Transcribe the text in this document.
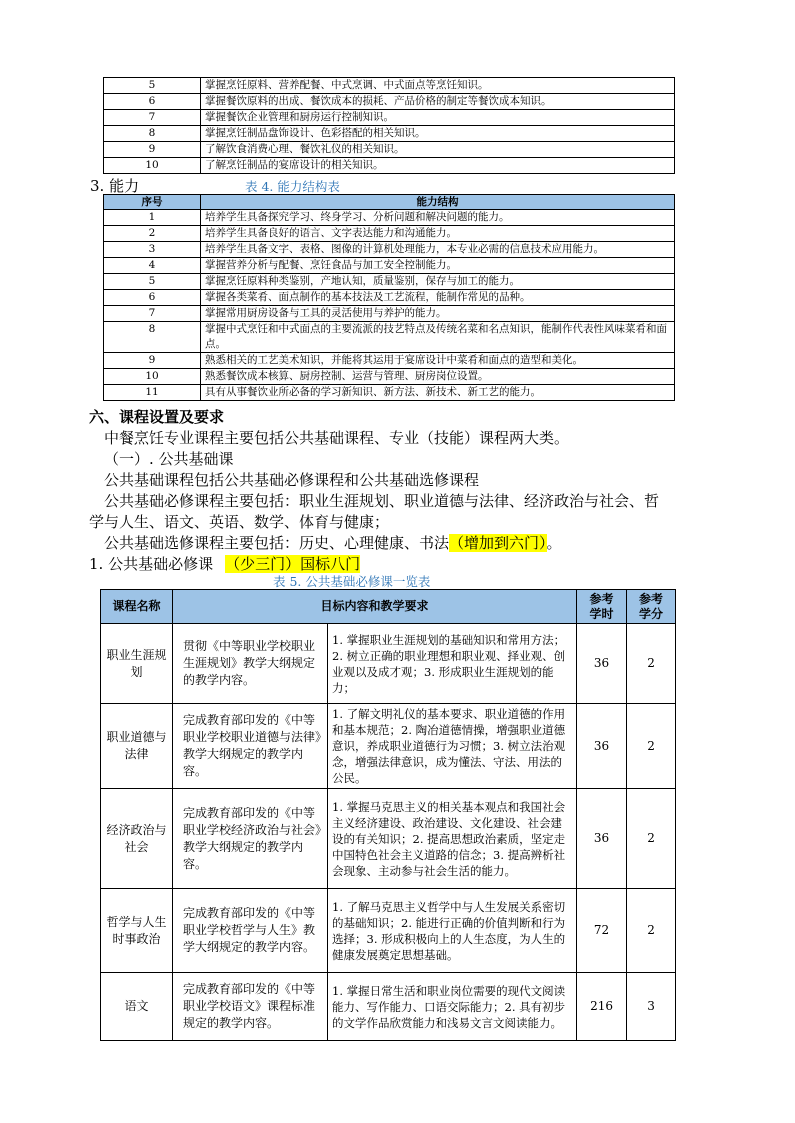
5	掌握烹饪原料、营养配餐、中式烹调、中式面点等烹饪知识。
6	掌握餐饮原料的出成、餐饮成本的损耗、产品价格的制定等餐饮成本知识。
7	掌握餐饮企业管理和厨房运行控制知识。
8	掌握烹饪制品盘饰设计、色彩搭配的相关知识。
9	了解饮食消费心理、餐饮礼仪的相关知识。
10	了解烹饪制品的宴席设计的相关知识。
3. 能力	表 4. 能力结构表
序号	能力结构
1	培养学生具备探究学习、终身学习、分析问题和解决问题的能力。
2	培养学生具备良好的语言、文字表达能力和沟通能力。
3	培养学生具备文字、表格、图像的计算机处理能力，本专业必需的信息技术应用能力。
4	掌握营养分析与配餐、烹饪食品与加工安全控制能力。
5	掌握烹饪原料种类鉴别，产地认知，质量鉴别，保存与加工的能力。
6	掌握各类菜肴、面点制作的基本技法及工艺流程，能制作常见的品种。
7	掌握常用厨房设备与工具的灵活使用与养护的能力。
8	掌握中式烹饪和中式面点的主要流派的技艺特点及传统名菜和名点知识，能制作代表性风味菜肴和面点。
9	熟悉相关的工艺美术知识，并能将其运用于宴席设计中菜肴和面点的造型和美化。
10	熟悉餐饮成本核算、厨房控制、运营与管理、厨房岗位设置。
11	具有从事餐饮业所必备的学习新知识、新方法、新技术、新工艺的能力。
六、课程设置及要求
中餐烹饪专业课程主要包括公共基础课程、专业（技能）课程两大类。
（一）. 公共基础课
公共基础课程包括公共基础必修课程和公共基础选修课程
公共基础必修课程主要包括：职业生涯规划、职业道德与法律、经济政治与社会、哲
学与人生、语文、英语、数学、体育与健康；
公共基础选修课程主要包括：历史、心理健康、书法（增加到六门）。
1. 公共基础必修课 （少三门）国标八门
表 5. 公共基础必修课一览表
课程名称	目标内容和教学要求		参考学时	参考学分
职业生涯规划	贯彻《中等职业学校职业生涯规划》教学大纲规定的教学内容。	1. 掌握职业生涯规划的基础知识和常用方法；2. 树立正确的职业理想和职业观、择业观、创业观以及成才观；3. 形成职业生涯规划的能力；	36	2
职业道德与法律	完成教育部印发的《中等职业学校职业道德与法律》教学大纲规定的教学内容。	1. 了解文明礼仪的基本要求、职业道德的作用和基本规范；2. 陶冶道德情操，增强职业道德意识，养成职业道德行为习惯；3. 树立法治观念，增强法律意识，成为懂法、守法、用法的公民。	36	2
经济政治与社会	完成教育部印发的《中等职业学校经济政治与社会》教学大纲规定的教学内容。	1. 掌握马克思主义的相关基本观点和我国社会主义经济建设、政治建设、文化建设、社会建设的有关知识；2. 提高思想政治素质，坚定走中国特色社会主义道路的信念；3. 提高辨析社会现象、主动参与社会生活的能力。	36	2
哲学与人生时事政治	完成教育部印发的《中等职业学校哲学与人生》教学大纲规定的教学内容。	1. 了解马克思主义哲学中与人生发展关系密切的基础知识；2. 能进行正确的价值判断和行为选择；3. 形成积极向上的人生态度，为人生的健康发展奠定思想基础。	72	2
语文	完成教育部印发的《中等职业学校语文》课程标准规定的教学内容。	1. 掌握日常生活和职业岗位需要的现代文阅读能力、写作能力、口语交际能力；2. 具有初步的文学作品欣赏能力和浅易文言文阅读能力。	216	3
